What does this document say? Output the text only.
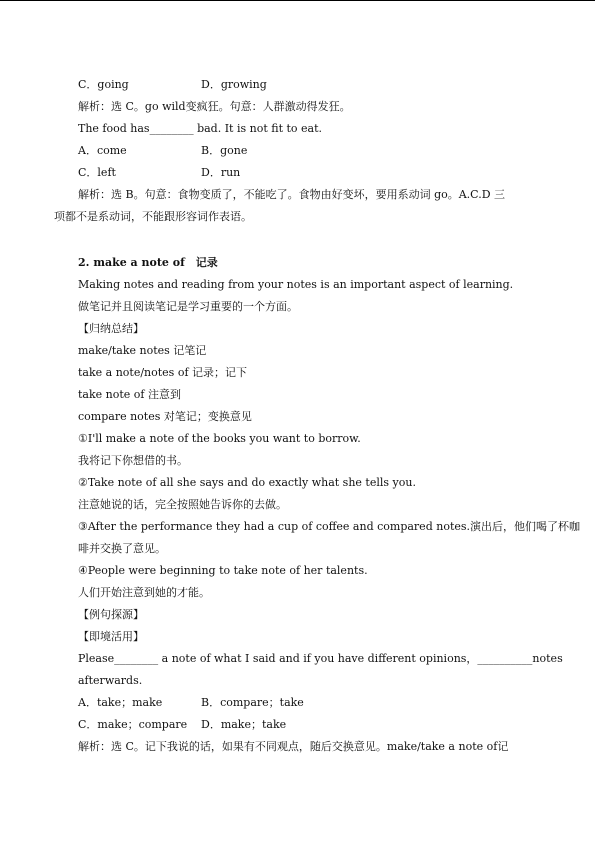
C．going	D．growing
解析：选 C。go wild变疯狂。句意：人群激动得发狂。
The food has________ bad. It is not fit to eat.
A．come	B．gone
C．left	D．run
解析：选 B。句意：食物变质了，不能吃了。食物由好变坏，要用系动词 go。A.C.D 三
项都不是系动词，不能跟形容词作表语。
2. make a note of　记录
Making notes and reading from your notes is an important aspect of learning.
做笔记并且阅读笔记是学习重要的一个方面。
【归纳总结】
make/take notes 记笔记
take a note/notes of 记录；记下
take note of 注意到
compare notes 对笔记；变换意见
①I'll make a note of the books you want to borrow.
我将记下你想借的书。
②Take note of all she says and do exactly what she tells you.
注意她说的话，完全按照她告诉你的去做。
③After the performance they had a cup of coffee and compared notes.演出后，他们喝了杯咖
啡并交换了意见。
④People were beginning to take note of her talents.
人们开始注意到她的才能。
【例句探源】
【即境活用】
Please________ a note of what I said and if you have different opinions，__________notes
afterwards.
A．take；make	B．compare；take
C．make；compare	D．make；take
解析：选 C。记下我说的话，如果有不同观点，随后交换意见。make/take a note of记
